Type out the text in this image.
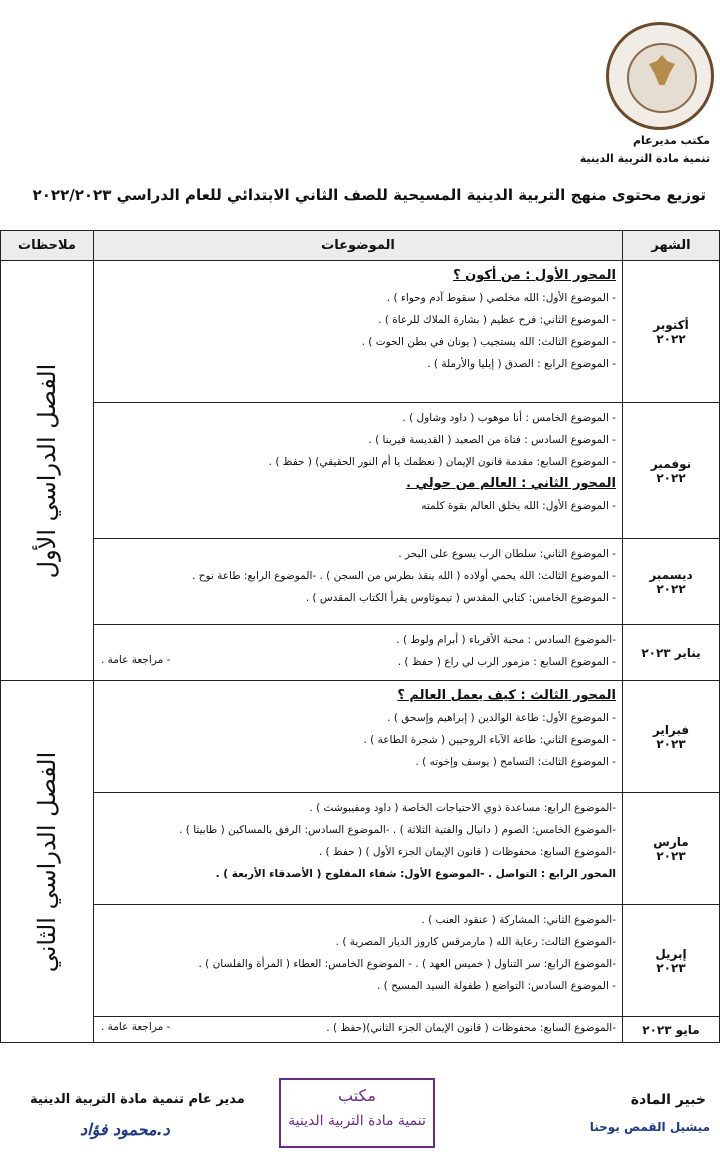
مكتب مديرعام
تنمية مادة التربية الدينية
توزيع محتوى منهج التربية الدينية المسيحية للصف الثاني الابتدائي للعام الدراسي ٢٠٢٢/٢٠٢٣
الشهر
الموضوعات
ملاحظات
الفصل الدراسي الأول
الفصل الدراسي الثاني
أكتوبر
٢٠٢٢
المحور الأول : من أكون ؟
- الموضوع الأول: الله مخلصي ( سقوط آدم وحواء ) .
- الموضوع الثاني: فرح عظيم ( بشارة الملاك للرعاة ) .
- الموضوع الثالث: الله يستجيب ( يونان في بطن الحوت ) .
- الموضوع الرابع : الصدق ( إيليا والأرملة ) .
نوفمبر
٢٠٢٢
- الموضوع الخامس : أنا موهوب ( داود وشاول ) .
- الموضوع السادس : فتاة من الصعيد ( القديسة فيرينا ) .
- الموضوع السابع: مقدمة قانون الإيمان ( نعظمك يا أم النور الحقيقي) ( حفظ ) .
المحور الثاني : العالم من حولي .
- الموضوع الأول: الله يخلق العالم بقوة كلمته
ديسمبر
٢٠٢٢
- الموضوع الثاني: سلطان الرب يسوع على البحر .
- الموضوع الثالث: الله يحمي أولاده ( الله ينقذ بطرس من السجن ) . -الموضوع الرابع: طاعة نوح .
- الموضوع الخامس: كتابي المقدس ( تيموثاوس يقرأ الكتاب المقدس ) .
يناير ٢٠٢٣
-الموضوع السادس : محبة الأقرباء ( أبرام ولوط ) .
- الموضوع السابع : مزمور الرب لي راع ( حفظ ) .
- مراجعة عامة .
فبراير
٢٠٢٣
المحور الثالث : كيف يعمل العالم ؟
- الموضوع الأول: طاعة الوالدين ( إبراهيم وإسحق ) .
- الموضوع الثاني: طاعة الآباء الروحيين ( شجرة الطاعة ) .
- الموضوع الثالث: التسامح ( يوسف وإخوته ) .
مارس
٢٠٢٣
-الموضوع الرابع: مساعدة ذوي الاحتياجات الخاصة ( داود ومفيبوشث ) .
-الموضوع الخامس: الصوم ( دانيال والفتية الثلاثة ) . -الموضوع السادس: الرفق بالمساكين ( طابيثا ) .
-الموضوع السابع: محفوظات ( قانون الإيمان الجزء الأول ) ( حفظ ) .
المحور الرابع : التواصل . -الموضوع الأول: شفاء المفلوج ( الأصدقاء الأربعة ) .
إبريل
٢٠٢٣
-الموضوع الثاني: المشاركة ( عنقود العنب ) .
-الموضوع الثالث: رعاية الله ( مارمرقس كاروز الديار المصرية ) .
-الموضوع الرابع: سر التناول ( خميس العهد ) . - الموضوع الخامس: العطاء ( المرأة والفلسان ) .
- الموضوع السادس: التواضع ( طفولة السيد المسيح ) .
مايو ٢٠٢٣
-الموضوع السابع: محفوظات ( قانون الإيمان الجزء الثاني)(حفظ ) .
- مراجعة عامة .
مدير عام تنمية مادة التربية الدينية
د.محمود فؤاد
مكتب
تنمية مادة التربية الدينية
خبير المادة
ميشيل القمص يوحنا
